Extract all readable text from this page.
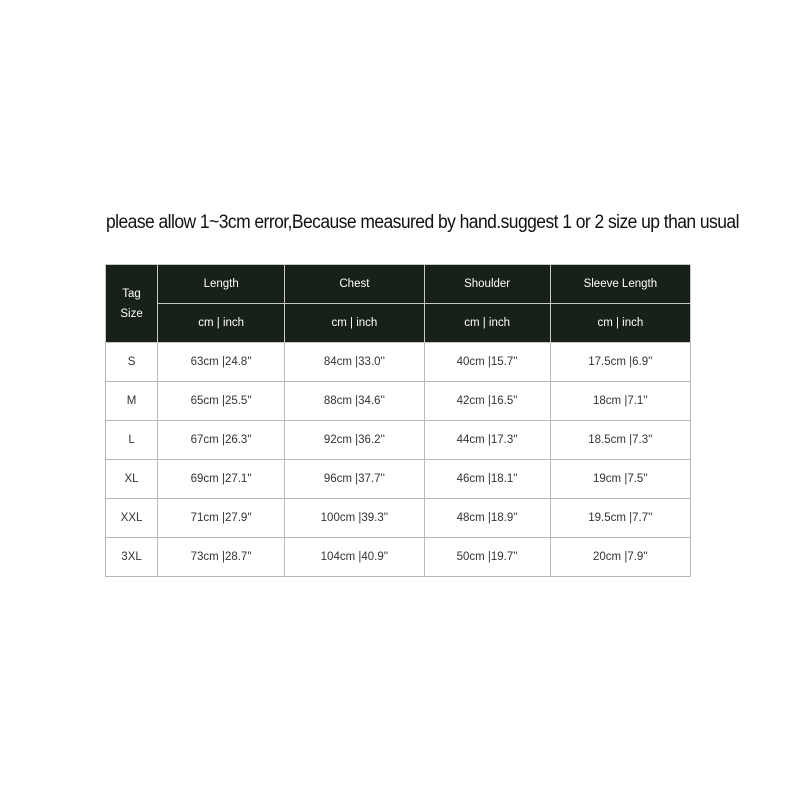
please allow 1~3cm error,Because measured by hand.suggest 1 or 2 size up than usual
Tag
Size	Length	Chest	Shoulder	Sleeve Length
	cm | inch	cm | inch	cm | inch	cm | inch
S	63cm |24.8''	84cm |33.0''	40cm |15.7''	17.5cm |6.9''
M	65cm |25.5''	88cm |34.6''	42cm |16.5''	18cm |7.1''
L	67cm |26.3''	92cm |36.2''	44cm |17.3''	18.5cm |7.3''
XL	69cm |27.1''	96cm |37.7''	46cm |18.1''	19cm |7.5''
XXL	71cm |27.9''	100cm |39.3''	48cm |18.9''	19.5cm |7.7''
3XL	73cm |28.7''	104cm |40.9''	50cm |19.7''	20cm |7.9''
